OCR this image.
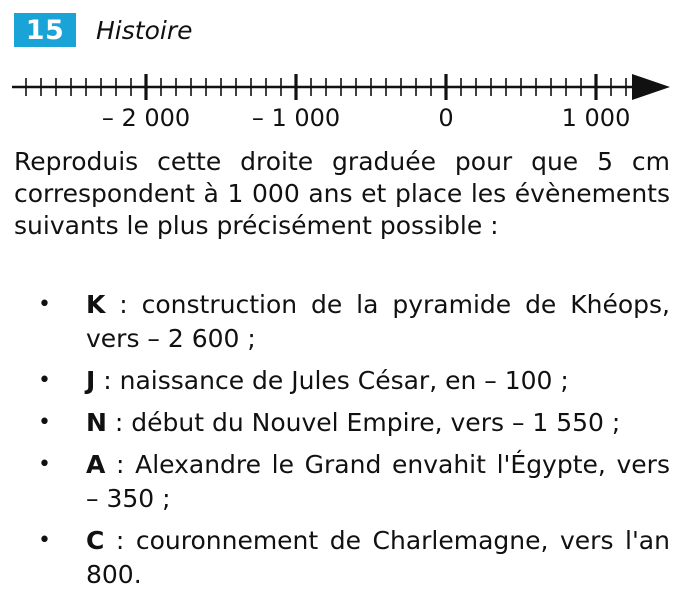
15	Histoire
– 2 000	– 1 000	0	1 000

Reproduis cette droite graduée pour que 5 cm correspondent à 1 000 ans et place les évènements suivants le plus précisément possible :

• K : construction de la pyramide de Khéops, vers – 2 600 ;
• J : naissance de Jules César, en – 100 ;
• N : début du Nouvel Empire, vers – 1 550 ;
• A : Alexandre le Grand envahit l'Égypte, vers – 350 ;
• C : couronnement de Charlemagne, vers l'an 800.
